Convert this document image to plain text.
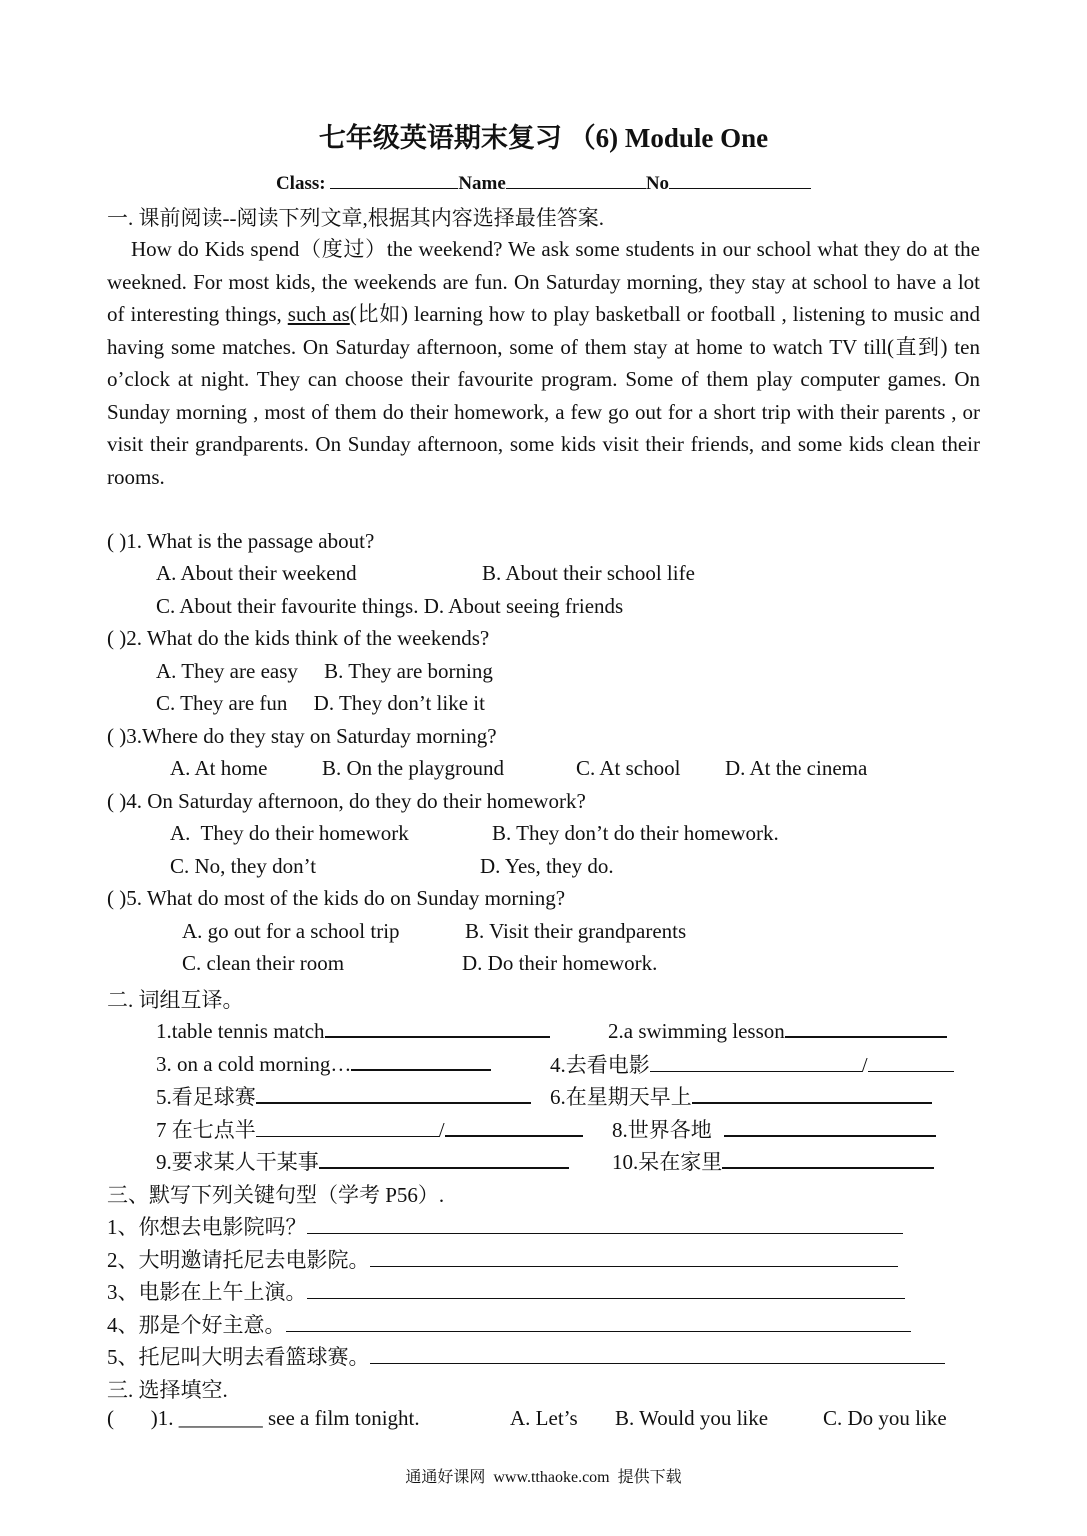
七年级英语期末复习 （6) Module One
Class:	Name	No
一. 课前阅读--阅读下列文章,根据其内容选择最佳答案.

How do Kids spend（度过）the weekend? We ask some students in our school what they do at the weekned. For most kids, the weekends are fun. On Saturday morning, they stay at school to have a lot of interesting things, such as(比如) learning how to play basketball or football , listening to music and having some matches. On Saturday afternoon, some of them stay at home to watch TV till(直到) ten o’clock at night. They can choose their favourite program. Some of them play computer games. On Sunday morning , most of them do their homework, a few go out for a short trip with their parents , or visit their grandparents. On Sunday afternoon, some kids visit their friends, and some kids clean their rooms.

( )1. What is the passage about?
A. About their weekend	B. About their school life
C. About their favourite things. D. About seeing friends
( )2. What do the kids think of the weekends?
A. They are easy     B. They are borning
C. They are fun     D. They don’t like it
( )3.Where do they stay on Saturday morning?
A. At home	B. On the playground	C. At school D. At the cinema
( )4. On Saturday afternoon, do they do their homework?
A.  They do their homework	B. They don’t do their homework.
C. No, they don’t	D. Yes, they do.
( )5. What do most of the kids do on Sunday morning?
A. go out for a school trip	B. Visit their grandparents
C. clean their room	D. Do their homework.
二. 词组互译。
1.table tennis match	2.a swimming lesson
3. on a cold morning…	4.去看电影	/
5.看足球赛	6.在星期天早上
7 在七点半	/	8.世界各地
9.要求某人干某事	10.呆在家里
三、默写下列关键句型（学考 P56）.
1、你想去电影院吗？
2、大明邀请托尼去电影院。
3、电影在上午上演。
4、那是个好主意。
5、托尼叫大明去看篮球赛。
三. 选择填空.
(       )1. ________ see a film tonight.	A. Let’s B. Would you like	C. Do you like
通通好课网  www.tthaoke.com  提供下载
